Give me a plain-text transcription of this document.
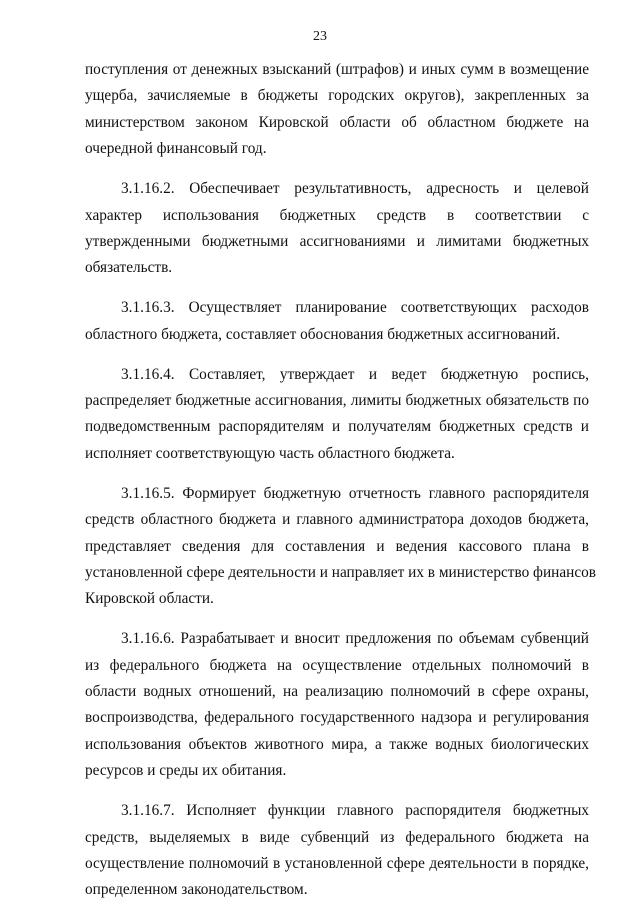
23
поступления от денежных взысканий (штрафов) и иных сумм в возмещение
ущерба, зачисляемые в бюджеты городских округов), закрепленных за
министерством законом Кировской области об областном бюджете на
очередной финансовый год.
3.1.16.2. Обеспечивает результативность, адресность и целевой
характер использования бюджетных средств в соответствии с
утвержденными бюджетными ассигнованиями и лимитами бюджетных
обязательств.
3.1.16.3. Осуществляет планирование соответствующих расходов
областного бюджета, составляет обоснования бюджетных ассигнований.
3.1.16.4. Составляет, утверждает и ведет бюджетную роспись,
распределяет бюджетные ассигнования, лимиты бюджетных обязательств по
подведомственным распорядителям и получателям бюджетных средств и
исполняет соответствующую часть областного бюджета.
3.1.16.5. Формирует бюджетную отчетность главного распорядителя
средств областного бюджета и главного администратора доходов бюджета,
представляет сведения для составления и ведения кассового плана в
установленной сфере деятельности и направляет их в министерство финансов
Кировской области.
3.1.16.6. Разрабатывает и вносит предложения по объемам субвенций
из федерального бюджета на осуществление отдельных полномочий в
области водных отношений, на реализацию полномочий в сфере охраны,
воспроизводства, федерального государственного надзора и регулирования
использования объектов животного мира, а также водных биологических
ресурсов и среды их обитания.
3.1.16.7. Исполняет функции главного распорядителя бюджетных
средств, выделяемых в виде субвенций из федерального бюджета на
осуществление полномочий в установленной сфере деятельности в порядке,
определенном законодательством.
